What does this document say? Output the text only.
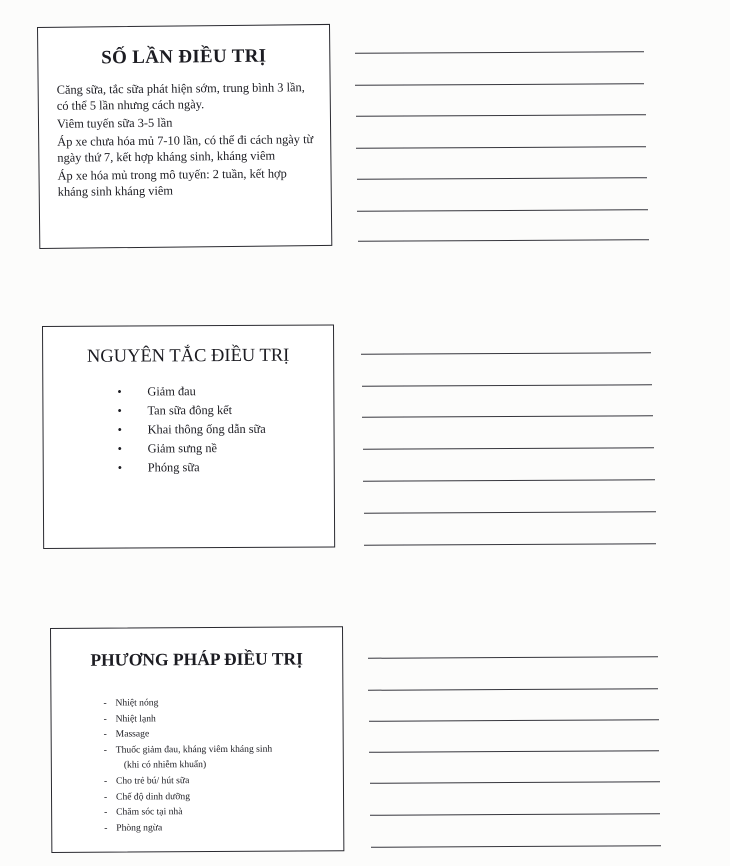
SỐ LẦN ĐIỀU TRỊ

Căng sữa, tắc sữa phát hiện sớm, trung bình 3 lần, có thể 5 lần nhưng cách ngày.

Viêm tuyến sữa 3-5 lần

Áp xe chưa hóa mủ 7-10 lần, có thể đi cách ngày từ ngày thứ 7, kết hợp kháng sinh, kháng viêm

Áp xe hóa mủ trong mô tuyến: 2 tuần, kết hợp kháng sinh kháng viêm

NGUYÊN TẮC ĐIỀU TRỊ
• Giảm đau
• Tan sữa đông kết
• Khai thông ống dẫn sữa
• Giảm sưng nề
• Phóng sữa
PHƯƠNG PHÁP ĐIỀU TRỊ
- Nhiệt nóng
- Nhiệt lạnh
- Massage
- Thuốc giảm đau, kháng viêm kháng sinh
(khi có nhiễm khuẩn)
- Cho trẻ bú/ hút sữa
- Chế độ dinh dưỡng
- Chăm sóc tại nhà
- Phòng ngừa
